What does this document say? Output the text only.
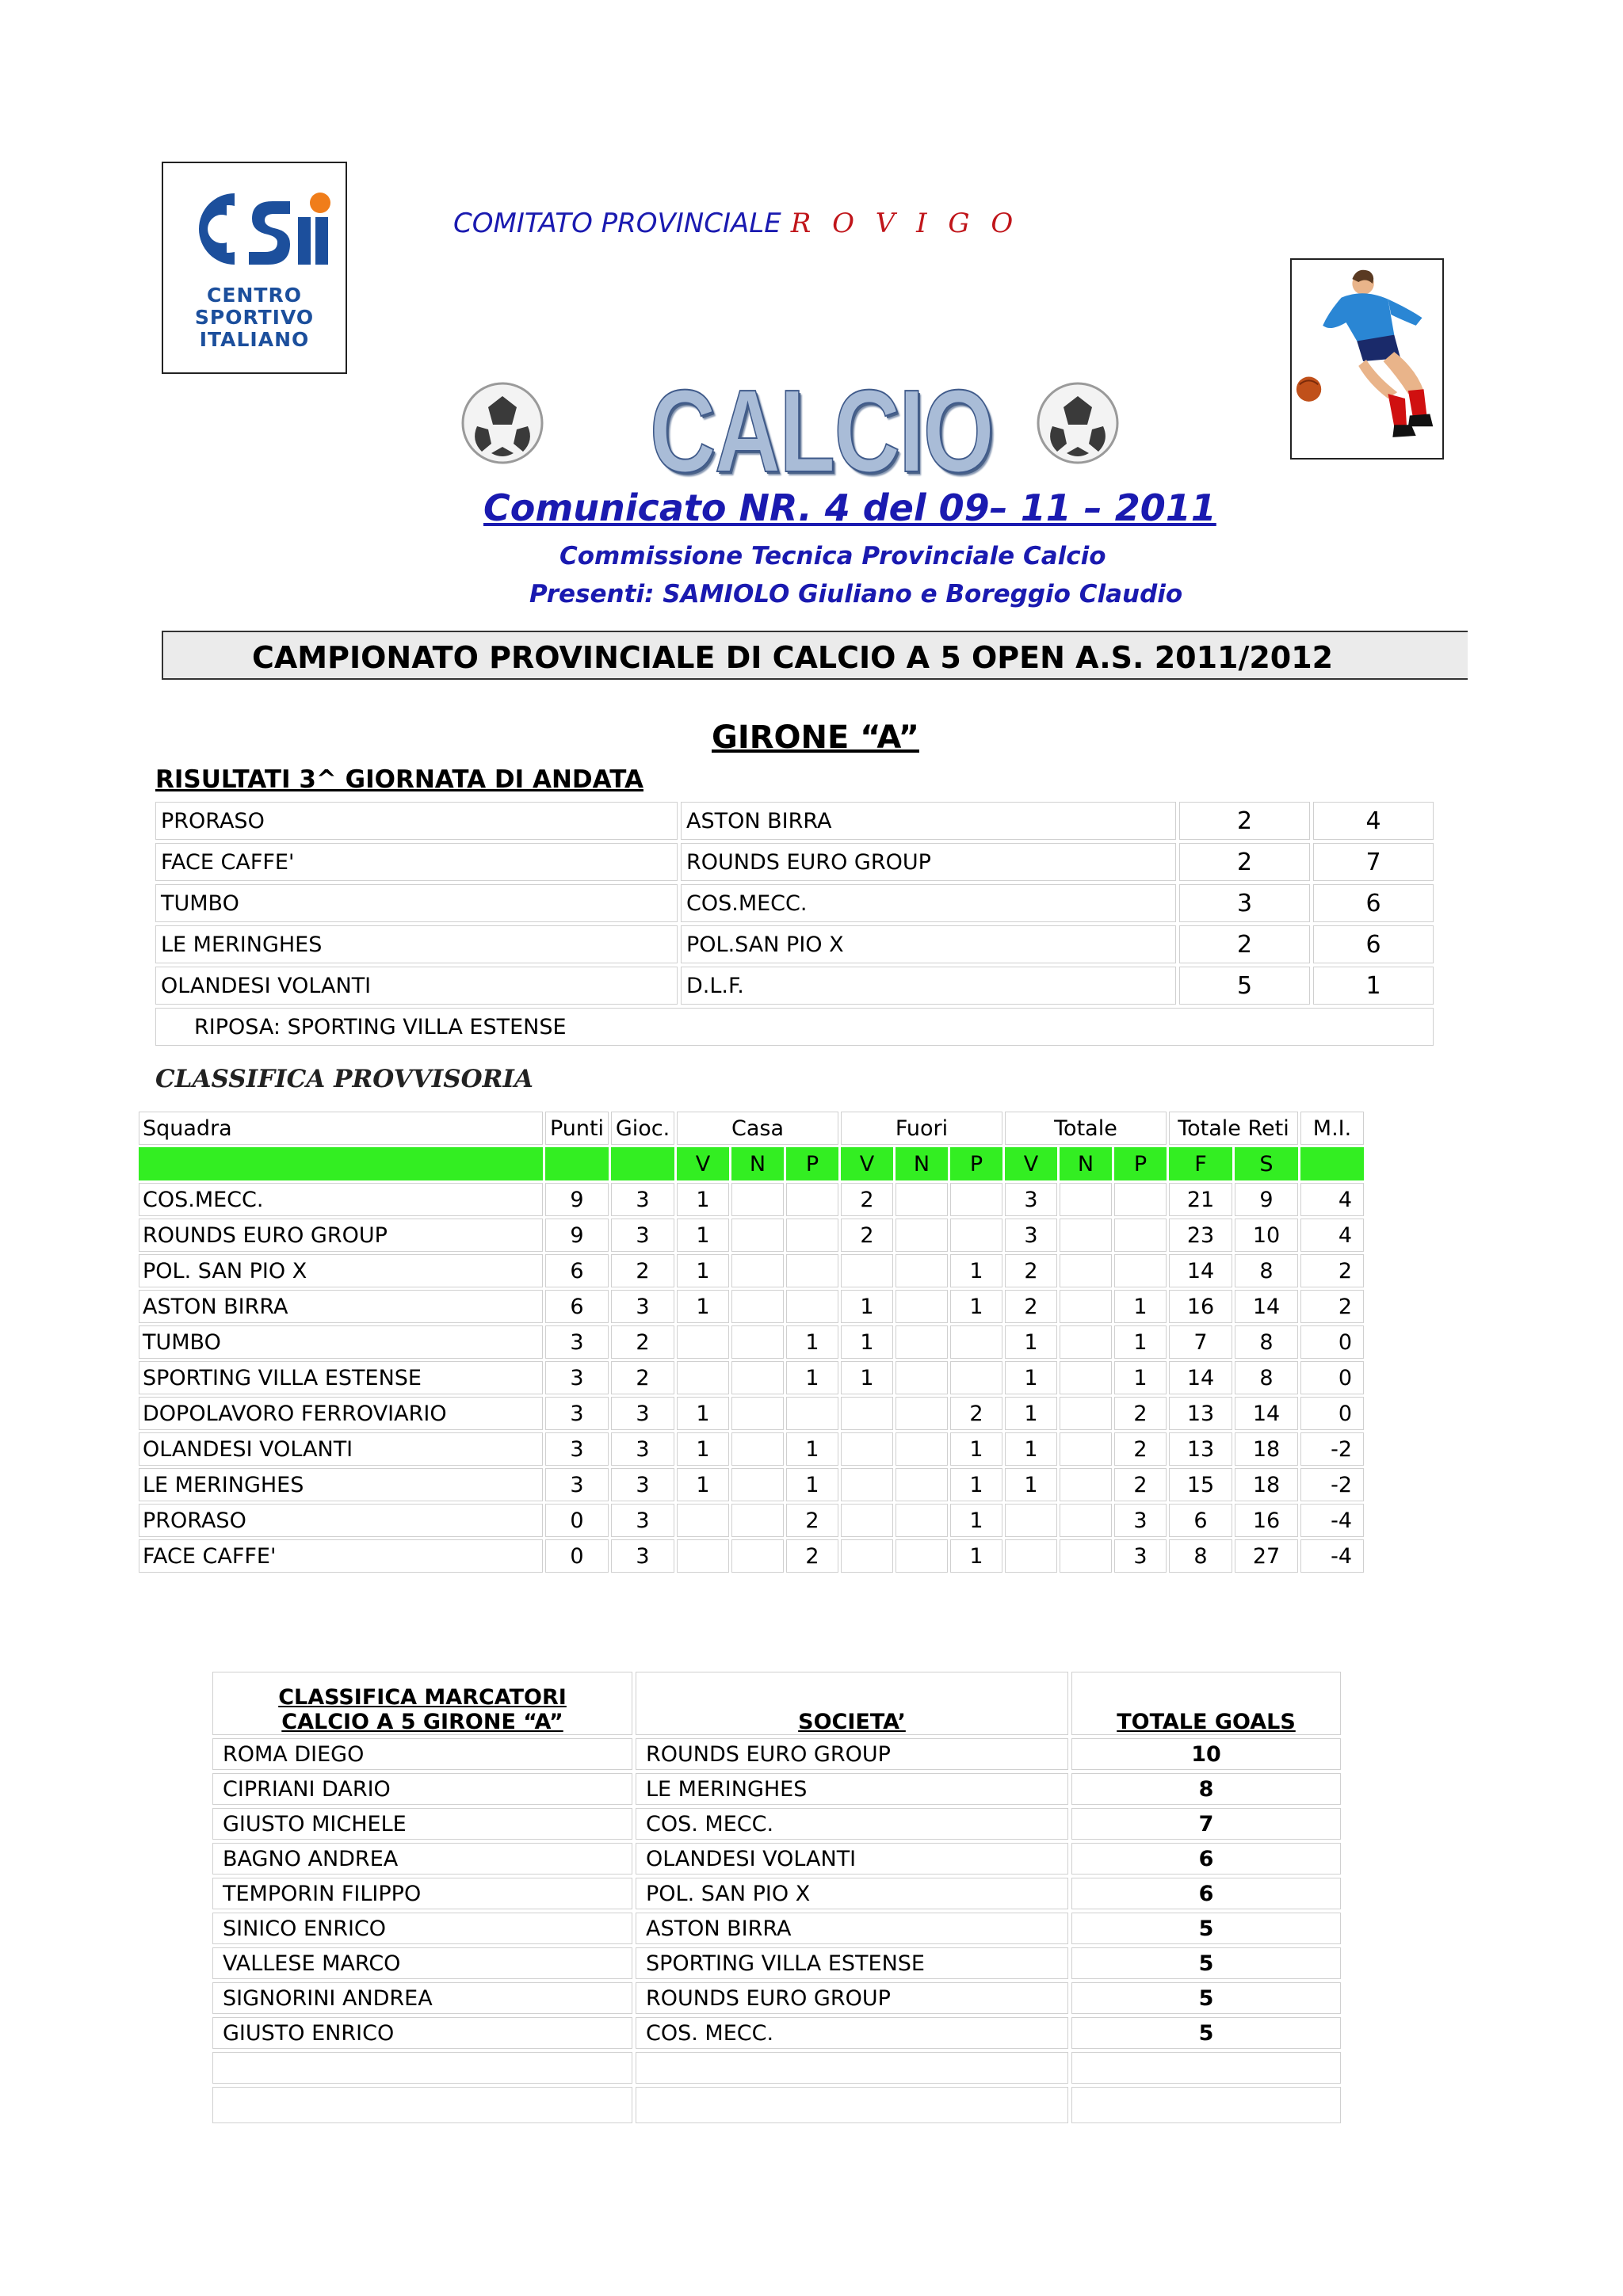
CENTRO
SPORTIVO
ITALIANO
COMITATO PROVINCIALE R O V I G O
CALCIO
Comunicato NR. 4 del 09– 11 – 2011
Commissione Tecnica Provinciale Calcio
Presenti: SAMIOLO Giuliano e Boreggio Claudio
CAMPIONATO PROVINCIALE DI CALCIO A 5 OPEN A.S. 2011/2012
GIRONE “A”
RISULTATI 3^ GIORNATA DI ANDATA
PRORASO	ASTON BIRRA	2	4
FACE CAFFE'	ROUNDS EURO GROUP	2	7
TUMBO	COS.MECC.	3	6
LE MERINGHES	POL.SAN PIO X	2	6
OLANDESI VOLANTI	D.L.F.	5	1
RIPOSA: SPORTING VILLA ESTENSE			
CLASSIFICA PROVVISORIA
Squadra	Punti	Gioc.	Casa			Fuori			Totale			Totale Reti		M.I.
			V	N	P	V	N	P	V	N	P	F	S	
COS.MECC.	9	3	1			2			3			21	9	4
ROUNDS EURO GROUP	9	3	1			2			3			23	10	4
POL. SAN PIO X	6	2	1					1	2			14	8	2
ASTON BIRRA	6	3	1			1		1	2		1	16	14	2
TUMBO	3	2			1	1			1		1	7	8	0
SPORTING VILLA ESTENSE	3	2			1	1			1		1	14	8	0
DOPOLAVORO FERROVIARIO	3	3	1					2	1		2	13	14	0
OLANDESI VOLANTI	3	3	1		1			1	1		2	13	18	-2
LE MERINGHES	3	3	1		1			1	1		2	15	18	-2
PRORASO	0	3			2			1			3	6	16	-4
FACE CAFFE'	0	3			2			1			3	8	27	-4
CLASSIFICA MARCATORI
CALCIO A 5 GIRONE “A”	SOCIETA’	TOTALE GOALS
ROMA DIEGO	ROUNDS EURO GROUP	10
CIPRIANI DARIO	LE MERINGHES	8
GIUSTO MICHELE	COS. MECC.	7
BAGNO ANDREA	OLANDESI VOLANTI	6
TEMPORIN FILIPPO	POL. SAN PIO X	6
SINICO ENRICO	ASTON BIRRA	5
VALLESE MARCO	SPORTING VILLA ESTENSE	5
SIGNORINI ANDREA	ROUNDS EURO GROUP	5
GIUSTO ENRICO	COS. MECC.	5
